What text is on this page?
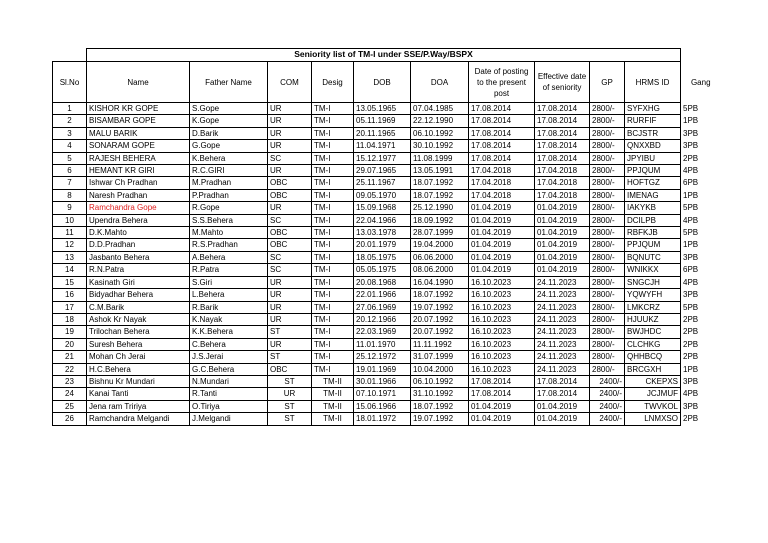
	Seniority list of TM-I under SSE/P.Way/BSPX										
Sl.No	Name	Father Name	COM	Desig	DOB	DOA	Date of posting to the present post	Effective date of seniority	GP	HRMS ID	Gang
1	KISHOR KR GOPE	S.Gope	UR	TM-I	13.05.1965	07.04.1985	17.08.2014	17.08.2014	2800/-	SYFXHG	5PB
2	BISAMBAR GOPE	K.Gope	UR	TM-I	05.11.1969	22.12.1990	17.08.2014	17.08.2014	2800/-	RURFIF	1PB
3	MALU BARIK	D.Barik	UR	TM-I	20.11.1965	06.10.1992	17.08.2014	17.08.2014	2800/-	BCJSTR	3PB
4	SONARAM GOPE	G.Gope	UR	TM-I	11.04.1971	30.10.1992	17.08.2014	17.08.2014	2800/-	QNXXBD	3PB
5	RAJESH BEHERA	K.Behera	SC	TM-I	15.12.1977	11.08.1999	17.08.2014	17.08.2014	2800/-	JPYIBU	2PB
6	HEMANT KR GIRI	R.C.GIRI	UR	TM-I	29.07.1965	13.05.1991	17.04.2018	17.04.2018	2800/-	PPJQUM	4PB
7	Ishwar Ch Pradhan	M.Pradhan	OBC	TM-I	25.11.1967	18.07.1992	17.04.2018	17.04.2018	2800/-	HOFTGZ	6PB
8	Naresh Pradhan	P.Pradhan	OBC	TM-I	09.05.1970	18.07.1992	17.04.2018	17.04.2018	2800/-	IMENAG	1PB
9	Ramchandra Gope	R.Gope	UR	TM-I	15.09.1968	25.12.1990	01.04.2019	01.04.2019	2800/-	IAKYKB	5PB
10	Upendra Behera	S.S.Behera	SC	TM-I	22.04.1966	18.09.1992	01.04.2019	01.04.2019	2800/-	DCILPB	4PB
11	D.K.Mahto	M.Mahto	OBC	TM-I	13.03.1978	28.07.1999	01.04.2019	01.04.2019	2800/-	RBFKJB	5PB
12	D.D.Pradhan	R.S.Pradhan	OBC	TM-I	20.01.1979	19.04.2000	01.04.2019	01.04.2019	2800/-	PPJQUM	1PB
13	Jasbanto Behera	A.Behera	SC	TM-I	18.05.1975	06.06.2000	01.04.2019	01.04.2019	2800/-	BQNUTC	3PB
14	R.N.Patra	R.Patra	SC	TM-I	05.05.1975	08.06.2000	01.04.2019	01.04.2019	2800/-	WNIKKX	6PB
15	Kasinath Giri	S.Giri	UR	TM-I	20.08.1968	16.04.1990	16.10.2023	24.11.2023	2800/-	SNGCJH	4PB
16	Bidyadhar Behera	L.Behera	UR	TM-I	22.01.1966	18.07.1992	16.10.2023	24.11.2023	2800/-	YQWYFH	3PB
17	C.M.Barik	R.Barik	UR	TM-I	27.06.1969	19.07.1992	16.10.2023	24.11.2023	2800/-	LMKCRZ	5PB
18	Ashok Kr Nayak	K.Nayak	UR	TM-I	20.12.1966	20.07.1992	16.10.2023	24.11.2023	2800/-	HJUUKZ	2PB
19	Trilochan Behera	K.K.Behera	ST	TM-I	22.03.1969	20.07.1992	16.10.2023	24.11.2023	2800/-	BWJHDC	2PB
20	Suresh Behera	C.Behera	UR	TM-I	11.01.1970	11.11.1992	16.10.2023	24.11.2023	2800/-	CLCHKG	2PB
21	Mohan Ch Jerai	J.S.Jerai	ST	TM-I	25.12.1972	31.07.1999	16.10.2023	24.11.2023	2800/-	QHHBCQ	2PB
22	H.C.Behera	G.C.Behera	OBC	TM-I	19.01.1969	10.04.2000	16.10.2023	24.11.2023	2800/-	BRCGXH	1PB
23	Bishnu Kr Mundari	N.Mundari	ST	TM-II	30.01.1966	06.10.1992	17.08.2014	17.08.2014	2400/-	CKEPXS	3PB
24	Kanai Tanti	R.Tanti	UR	TM-II	07.10.1971	31.10.1992	17.08.2014	17.08.2014	2400/-	JCJMUF	4PB
25	Jena ram Tririya	O.Tiriya	ST	TM-II	15.06.1966	18.07.1992	01.04.2019	01.04.2019	2400/-	TWVKOL	3PB
26	Ramchandra Melgandi	J.Melgandi	ST	TM-II	18.01.1972	19.07.1992	01.04.2019	01.04.2019	2400/-	LNMXSO	2PB
